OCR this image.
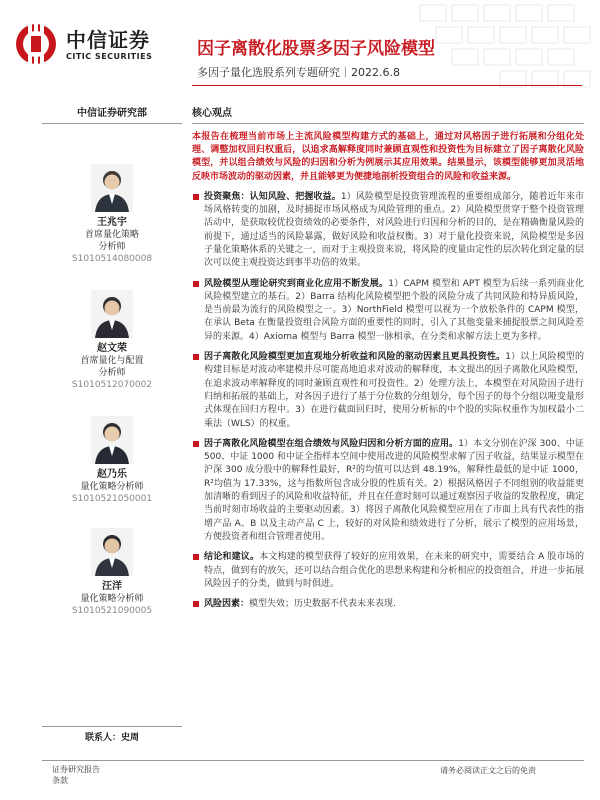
中信证券
CITIC SECURITIES	因子离散化股票多因子风险模型
多因子量化选股系列专题研究｜2022.6.8
中信证券研究部
王兆宇
首席量化策略
分析师
S1010514080008
赵文荣
首席量化与配置
分析师
S1010512070002
赵乃乐
量化策略分析师
S1010521050001
汪洋
量化策略分析师
S1010521090005
联系人：史周
核心观点
本报告在梳理当前市场上主流风险模型构建方式的基础上，通过对风格因子进行拓展和分组化处理、调整加权回归权重后，以追求高解释度同时兼顾直观性和投资性为目标建立了因子离散化风险模型，并以组合绩效与风险的归因和分析为例展示其应用效果。结果显示，该模型能够更加灵活地反映市场波动的驱动因素，并且能够更为便捷地剖析投资组合的风险和收益来源。
投资聚焦：认知风险、把握收益。1）风险模型是投资管理流程的重要组成部分，随着近年来市场风格转变的加剧，及时捕捉市场风格成为风险管理的重点。2）风险模型贯穿于整个投资管理活动中，是获取较优投资绩效的必要条件，对风险进行归因和分析的目的，是在精确衡量风险的前提下，通过适当的风险暴露，做好风险和收益权衡。3）对于量化投资来说，风险模型是多因子量化策略体系的关键之一，而对于主观投资来说，将风险的度量由定性的层次转化到定量的层次可以使主观投资达到事半功倍的效果。
风险模型从理论研究到商业化应用不断发展。1）CAPM 模型和 APT 模型为后续一系列商业化风险模型建立的基石。2）Barra 结构化风险模型把个股的风险分成了共同风险和特异质风险，是当前最为流行的风险模型之一。3）NorthField 模型可以视为一个放松条件的 CAPM 模型，在承认 Beta 在衡量投资组合风险方面的重要性的同时，引入了其他变量来捕捉股票之间风险差异的来源。4）Axioma 模型与 Barra 模型一脉相承，在分类和求解方法上更为多样。
因子离散化风险模型更加直观地分析收益和风险的驱动因素且更具投资性。1）以上风险模型的构建目标是对波动率建模并尽可能高地追求对波动的解释度，本文提出的因子离散化风险模型，在追求波动率解释度的同时兼顾直观性和可投资性。2）处理方法上，本模型在对风险因子进行归纳和拓展的基础上，对各因子进行了基于分位数的分组划分，每个因子的每个分组以哑变量形式体现在回归方程中。3）在进行截面回归时，使用分析标的中个股的实际权重作为加权最小二乘法（WLS）的权重。
因子离散化风险模型在组合绩效与风险归因和分析方面的应用。1）本文分别在沪深 300、中证 500、中证 1000 和中证全指样本空间中使用改进的风险模型求解了因子收益，结果显示模型在沪深 300 成分股中的解释性最好，R²的均值可以达到 48.19%，解释性最低的是中证 1000，R²均值为 17.33%，这与指数所包含成分股的性质有关。2）根据风格因子不同组别的收益能更加清晰的看到因子的风险和收益特征，并且在任意时刻可以通过观察因子收益的发散程度，确定当前时刻市场收益的主要驱动因素。3）将因子离散化风险模型应用在了市面上具有代表性的指增产品 A、B 以及主动产品 C 上，较好的对风险和绩效进行了分析，展示了模型的应用场景，方便投资者和组合管理者使用。
结论和建议。本文构建的模型获得了较好的应用效果，在未来的研究中，需要结合 A 股市场的特点，做到有的放矢，还可以结合组合优化的思想来构建和分析相应的投资组合，并进一步拓展风险因子的分类，做到与时俱进。
风险因素：模型失效；历史数据不代表未来表现.
证券研究报告
条款
请务必阅读正文之后的免责
